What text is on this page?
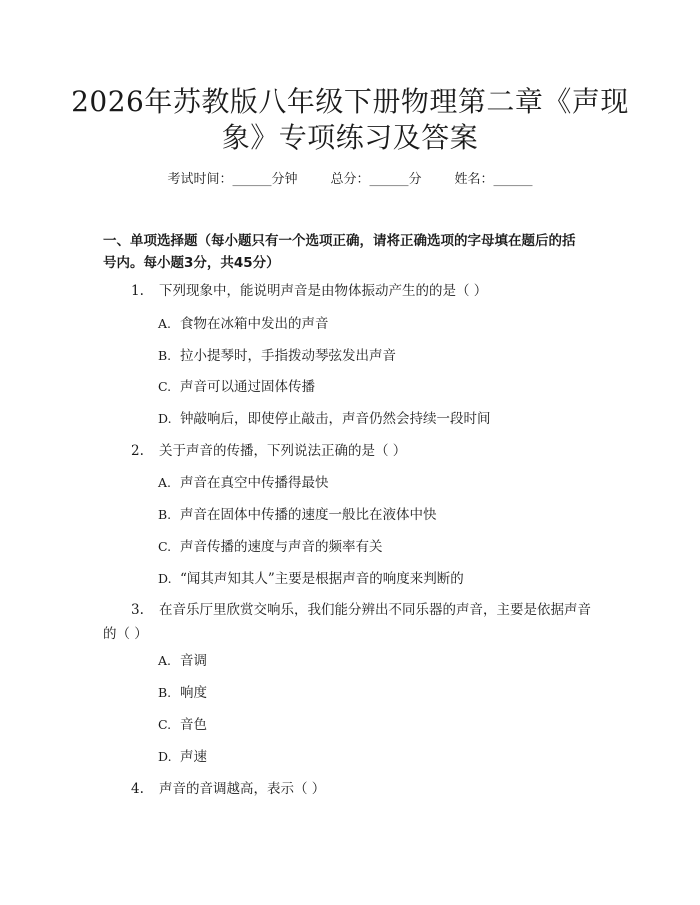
2026年苏教版八年级下册物理第二章《声现
象》专项练习及答案
考试时间：______分钟        总分：______分        姓名：______
一、单项选择题（每小题只有一个选项正确，请将正确选项的字母填在题后的括
号内。每小题3分，共45分）
1. 下列现象中，能说明声音是由物体振动产生的的是（ ）
A. 食物在冰箱中发出的声音
B. 拉小提琴时，手指拨动琴弦发出声音
C. 声音可以通过固体传播
D. 钟敲响后，即使停止敲击，声音仍然会持续一段时间
2. 关于声音的传播，下列说法正确的是（ ）
A. 声音在真空中传播得最快
B. 声音在固体中传播的速度一般比在液体中快
C. 声音传播的速度与声音的频率有关
D. “闻其声知其人”主要是根据声音的响度来判断的
3. 在音乐厅里欣赏交响乐，我们能分辨出不同乐器的声音，主要是依据声音
的（ ）
A. 音调
B. 响度
C. 音色
D. 声速
4. 声音的音调越高，表示（ ）
